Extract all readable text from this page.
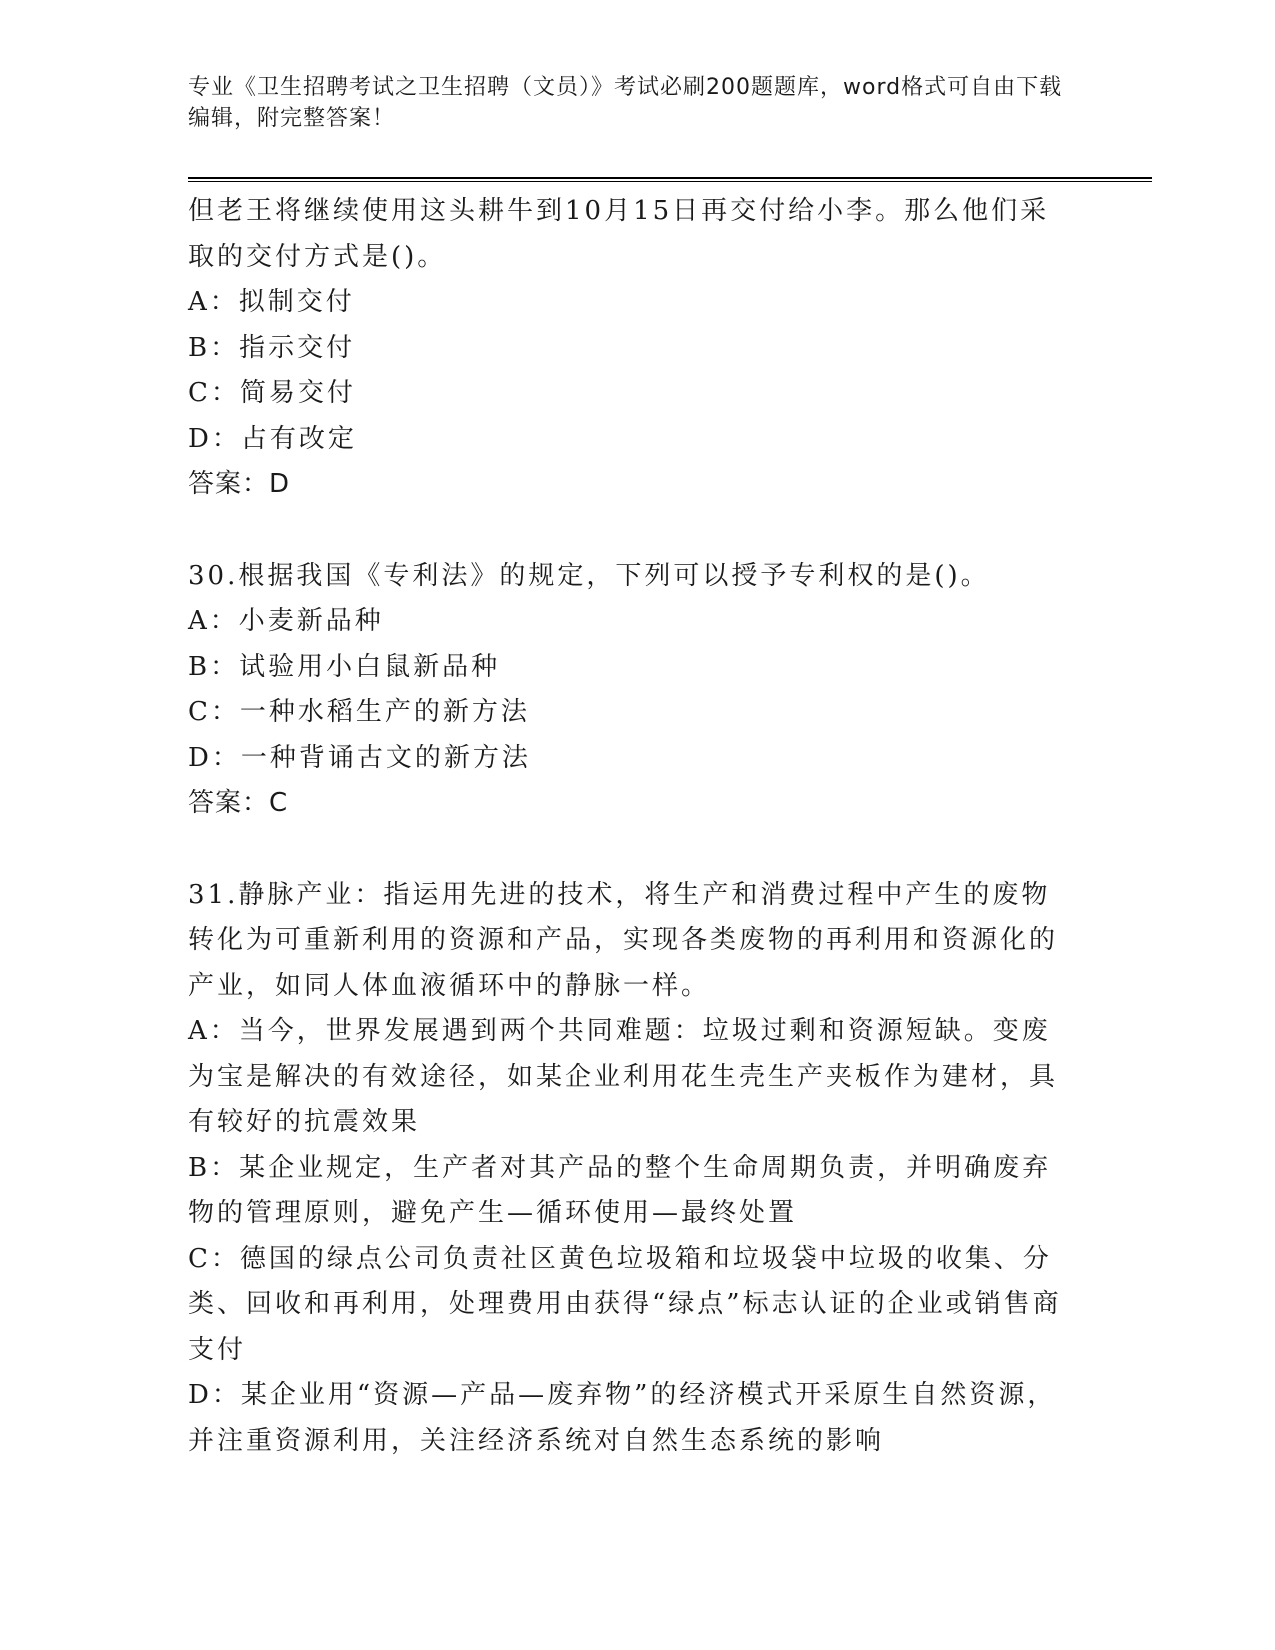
专业《卫生招聘考试之卫生招聘（文员）》考试必刷200题题库，word格式可自由下载编辑，附完整答案！

但老王将继续使用这头耕牛到10月15日再交付给小李。那么他们采取的交付方式是()。

A：拟制交付

B：指示交付

C：简易交付

D：占有改定

答案：D

30.根据我国《专利法》的规定，下列可以授予专利权的是()。

A：小麦新品种

B：试验用小白鼠新品种

C：一种水稻生产的新方法

D：一种背诵古文的新方法

答案：C

31.静脉产业：指运用先进的技术，将生产和消费过程中产生的废物转化为可重新利用的资源和产品，实现各类废物的再利用和资源化的产业，如同人体血液循环中的静脉一样。

A：当今，世界发展遇到两个共同难题：垃圾过剩和资源短缺。变废为宝是解决的有效途径，如某企业利用花生壳生产夹板作为建材，具有较好的抗震效果

B：某企业规定，生产者对其产品的整个生命周期负责，并明确废弃物的管理原则，避免产生—循环使用—最终处置

C：德国的绿点公司负责社区黄色垃圾箱和垃圾袋中垃圾的收集、分类、回收和再利用，处理费用由获得“绿点”标志认证的企业或销售商支付

D：某企业用“资源—产品—废弃物”的经济模式开采原生自然资源，并注重资源利用，关注经济系统对自然生态系统的影响
